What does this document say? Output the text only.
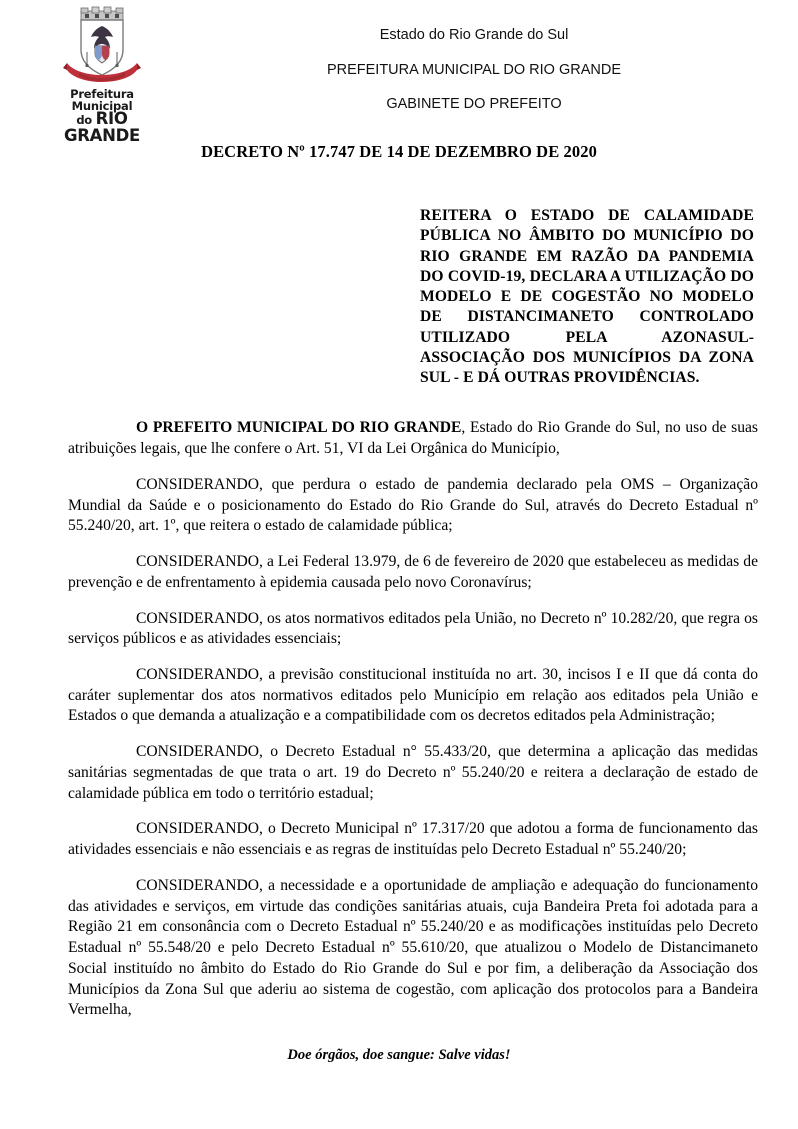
Prefeitura Municipal
do RIO GRANDE
Estado do Rio Grande do Sul
PREFEITURA MUNICIPAL DO RIO GRANDE
GABINETE DO PREFEITO
DECRETO Nº 17.747 DE 14 DE DEZEMBRO DE 2020
REITERA O ESTADO DE CALAMIDADE PÚBLICA NO ÂMBITO DO MUNICÍPIO DO RIO GRANDE EM RAZÃO DA PANDEMIA DO COVID-19, DECLARA A UTILIZAÇÃO DO MODELO E DE COGESTÃO NO MODELO DE DISTANCIMANETO CONTROLADO UTILIZADO PELA AZONASUL- ASSOCIAÇÃO DOS MUNICÍPIOS DA ZONA SUL - E DÁ OUTRAS PROVIDÊNCIAS.

O PREFEITO MUNICIPAL DO RIO GRANDE, Estado do Rio Grande do Sul, no uso de suas atribuições legais, que lhe confere o Art. 51, VI da Lei Orgânica do Município,

CONSIDERANDO, que perdura o estado de pandemia declarado pela OMS – Organização Mundial da Saúde e o posicionamento do Estado do Rio Grande do Sul, através do Decreto Estadual nº 55.240/20, art. 1º, que reitera o estado de calamidade pública;

CONSIDERANDO, a Lei Federal 13.979, de 6 de fevereiro de 2020 que estabeleceu as medidas de prevenção e de enfrentamento à epidemia causada pelo novo Coronavírus;

CONSIDERANDO, os atos normativos editados pela União, no Decreto nº 10.282/20, que regra os serviços públicos e as atividades essenciais;

CONSIDERANDO, a previsão constitucional instituída no art. 30, incisos I e II que dá conta do caráter suplementar dos atos normativos editados pelo Município em relação aos editados pela União e Estados o que demanda a atualização e a compatibilidade com os decretos editados pela Administração;

CONSIDERANDO, o Decreto Estadual n° 55.433/20, que determina a aplicação das medidas sanitárias segmentadas de que trata o art. 19 do Decreto nº 55.240/20 e reitera a declaração de estado de calamidade pública em todo o território estadual;

CONSIDERANDO, o Decreto Municipal nº 17.317/20 que adotou a forma de funcionamento das atividades essenciais e não essenciais e as regras de instituídas pelo Decreto Estadual nº 55.240/20;

CONSIDERANDO, a necessidade e a oportunidade de ampliação e adequação do funcionamento das atividades e serviços, em virtude das condições sanitárias atuais, cuja Bandeira Preta foi adotada para a Região 21 em consonância com o Decreto Estadual nº 55.240/20 e as modificações instituídas pelo Decreto Estadual nº 55.548/20 e pelo Decreto Estadual nº 55.610/20, que atualizou o Modelo de Distancimaneto Social instituído no âmbito do Estado do Rio Grande do Sul e por fim, a deliberação da Associação dos Municípios da Zona Sul que aderiu ao sistema de cogestão, com aplicação dos protocolos para a Bandeira Vermelha,

Doe órgãos, doe sangue: Salve vidas!
